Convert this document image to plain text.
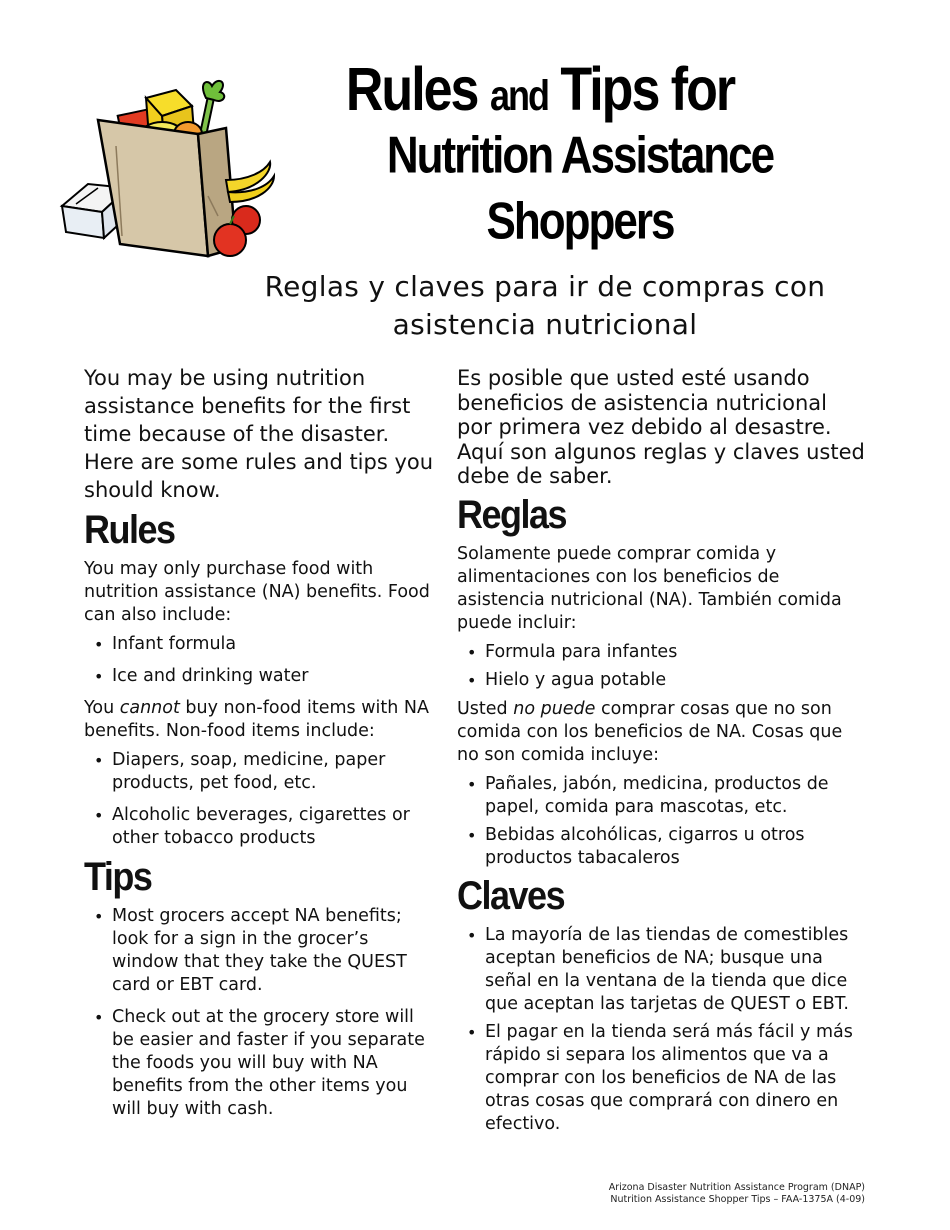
Rules and Tips for
Nutrition Assistance
Shoppers
Reglas y claves para ir de compras con asistencia nutricional

You may be using nutrition assistance benefits for the first time because of the disaster. Here are some rules and tips you should know.

Rules

You may only purchase food with nutrition assistance (NA) benefits. Food can also include:

• Infant formula
• Ice and drinking water

You cannot buy non-food items with NA benefits. Non-food items include:

• Diapers, soap, medicine, paper products, pet food, etc.
• Alcoholic beverages, cigarettes or other tobacco products
Tips
• Most grocers accept NA benefits; look for a sign in the grocer’s window that they take the QUEST card or EBT card.
• Check out at the grocery store will be easier and faster if you separate the foods you will buy with NA benefits from the other items you will buy with cash.

Es posible que usted esté usando beneficios de asistencia nutricional por primera vez debido al desastre. Aquí son algunos reglas y claves usted debe de saber.

Reglas

Solamente puede comprar comida y alimentaciones con los beneficios de asistencia nutricional (NA). También comida puede incluir:

• Formula para infantes
• Hielo y agua potable

Usted no puede comprar cosas que no son comida con los beneficios de NA. Cosas que no son comida incluye:

• Pañales, jabón, medicina, productos de papel, comida para mascotas, etc.
• Bebidas alcohólicas, cigarros u otros productos tabacaleros
Claves
• La mayoría de las tiendas de comestibles aceptan beneficios de NA; busque una señal en la ventana de la tienda que dice que aceptan las tarjetas de QUEST o EBT.
• El pagar en la tienda será más fácil y más rápido si separa los alimentos que va a comprar con los beneficios de NA de las otras cosas que comprará con dinero en efectivo.
Arizona Disaster Nutrition Assistance Program (DNAP)
Nutrition Assistance Shopper Tips – FAA-1375A (4-09)
